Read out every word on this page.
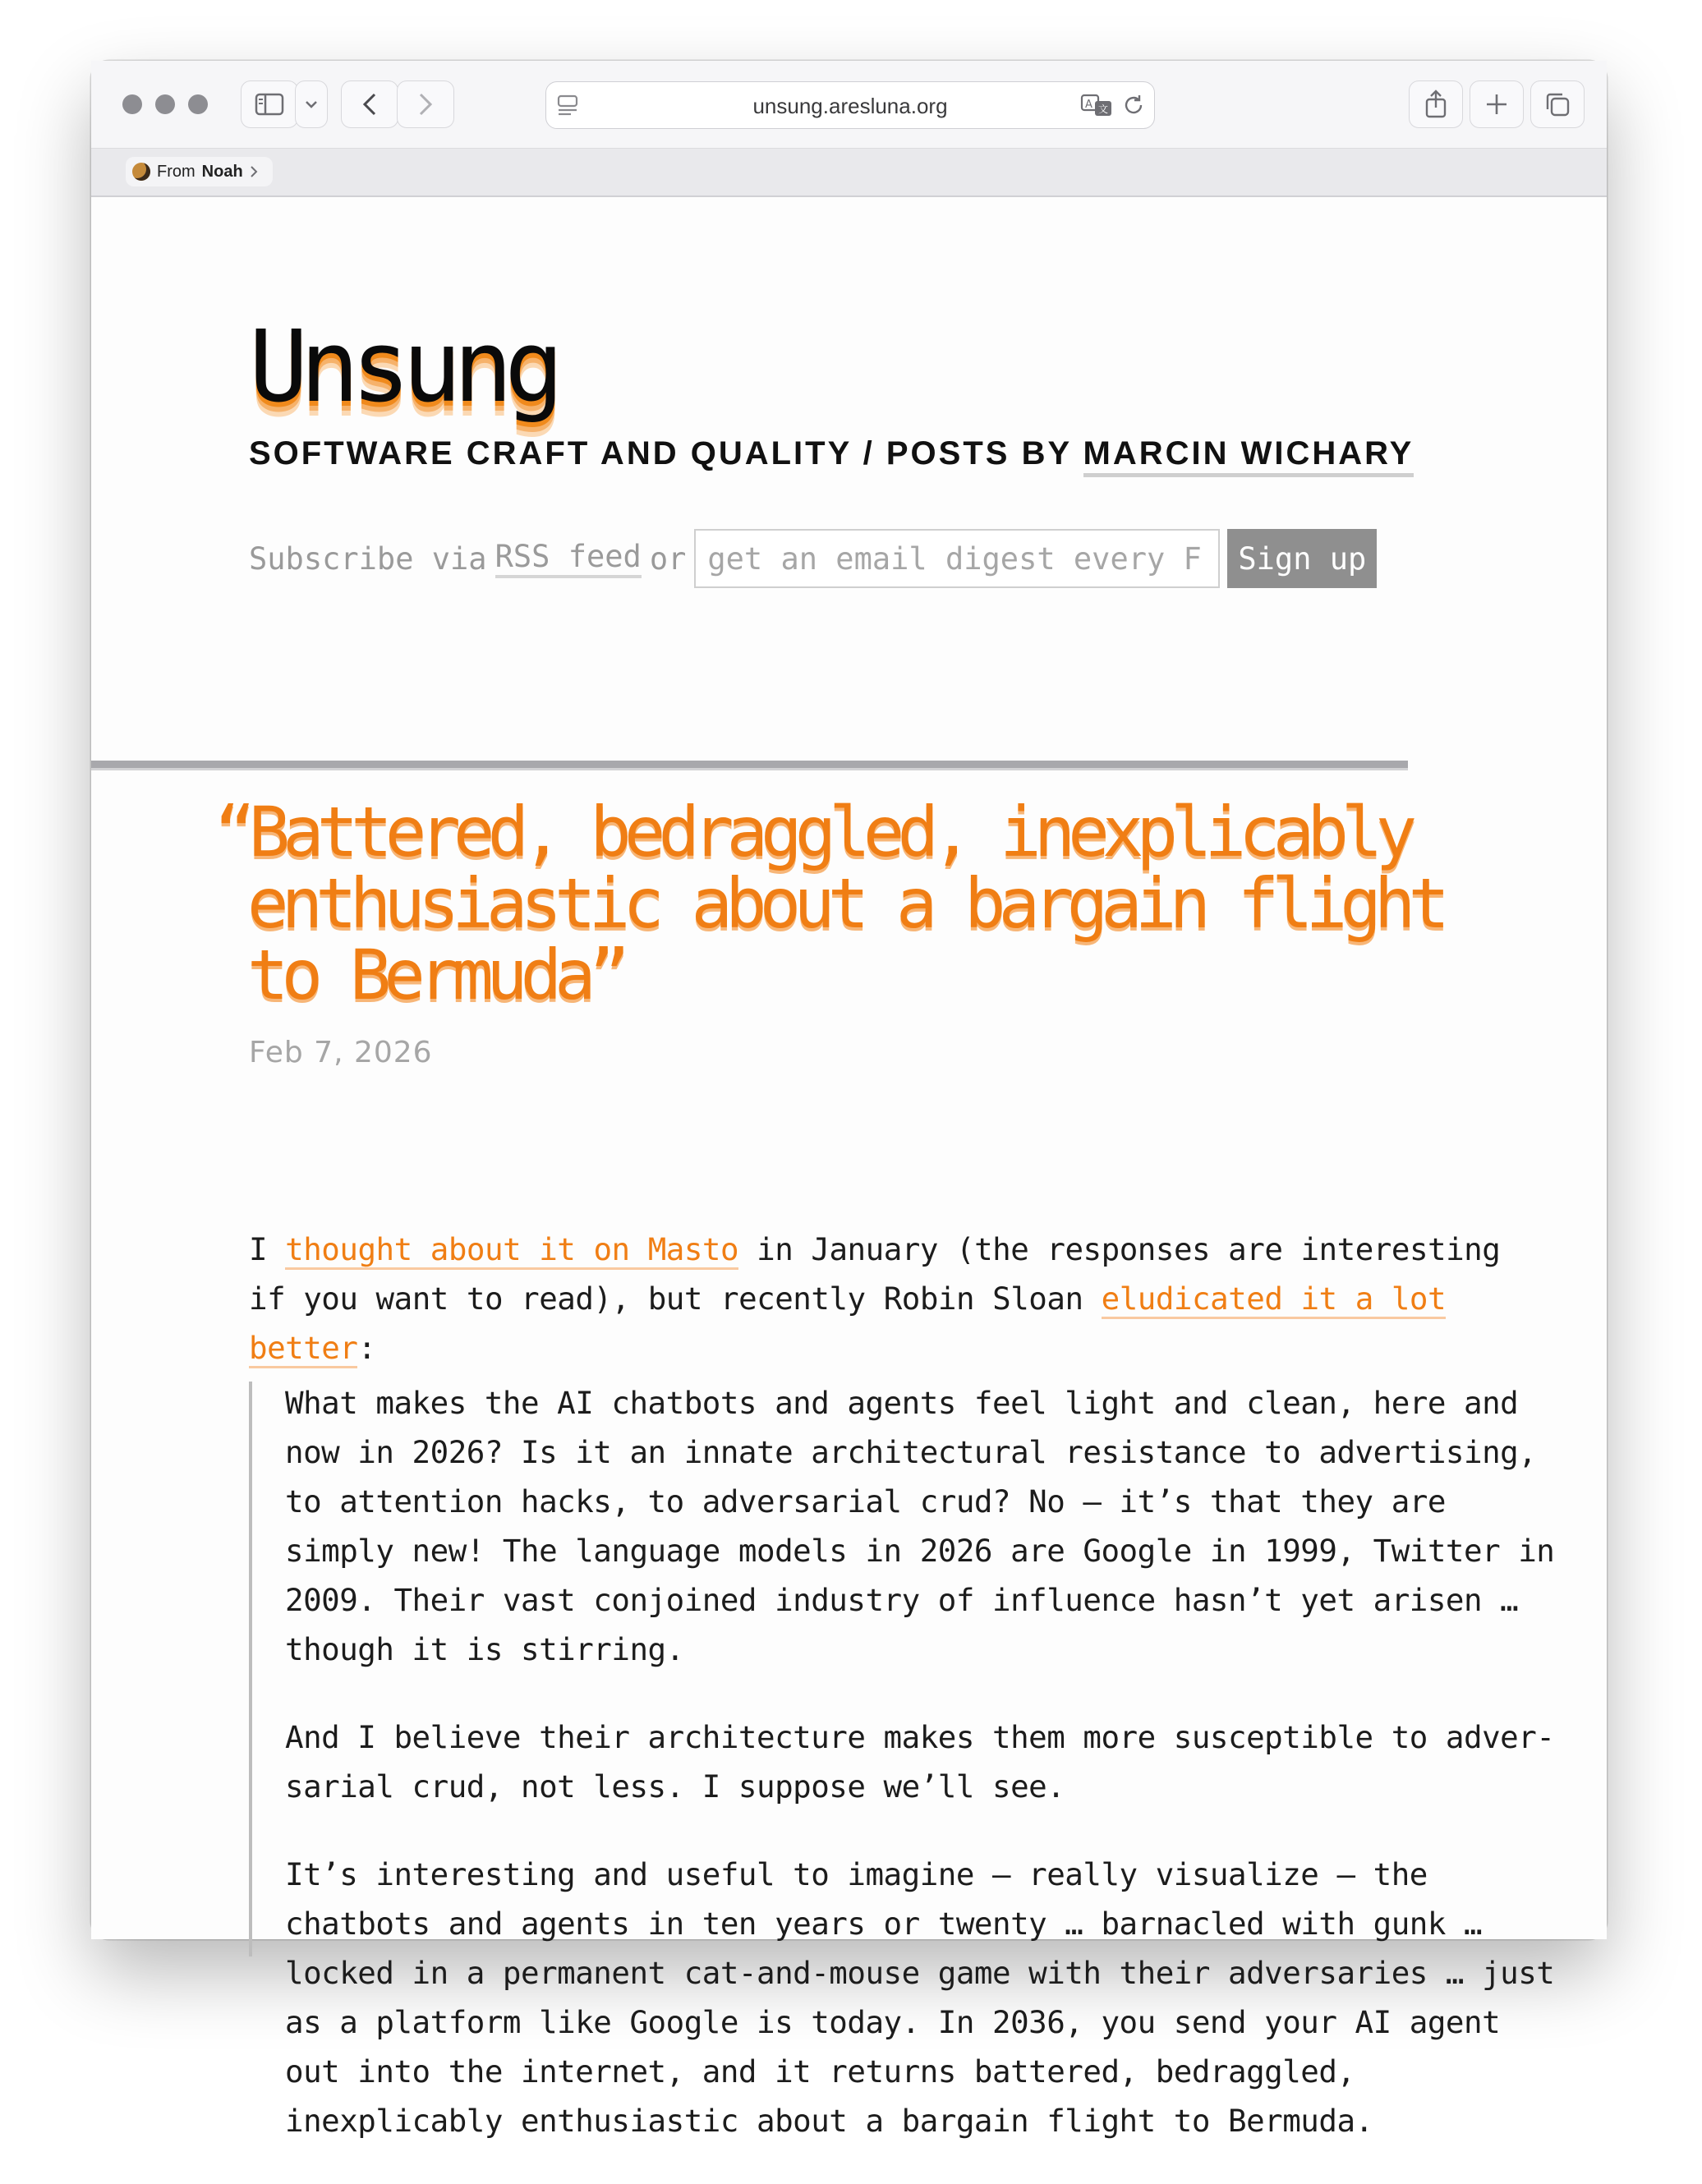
unsung.aresluna.org	A 文
From Noah
Unsung
SOFTWARE CRAFT AND QUALITY / POSTS BY MARCIN WICHARY
Subscribe via RSS feed or
get an email digest every Friday	Sign up
“Battered, bedraggled, inexplicably enthusiastic about a bargain flight to Bermuda”
Feb 7, 2026

I thought about it on Masto in January (the responses are interesting if you want to read), but recently Robin Sloan eludicated it a lot better:

What makes the AI chatbots and agents feel light and clean, here and now in 2026? Is it an innate architectural resistance to advertising, to attention hacks, to adversarial crud? No — it’s that they are simply new! The language models in 2026 are Google in 1999, Twitter in 2009. Their vast conjoined industry of influence hasn’t yet arisen … though it is stirring.

And I believe their architecture makes them more susceptible to adversarial crud, not less. I suppose we’ll see.

It’s interesting and useful to imagine — really visualize — the chatbots and agents in ten years or twenty … barnacled with gunk … locked in a permanent cat-and-mouse game with their adversaries … just as a platform like Google is today. In 2036, you send your AI agent out into the internet, and it returns battered, bedraggled, inexplicably enthusiastic about a bargain flight to Bermuda.
